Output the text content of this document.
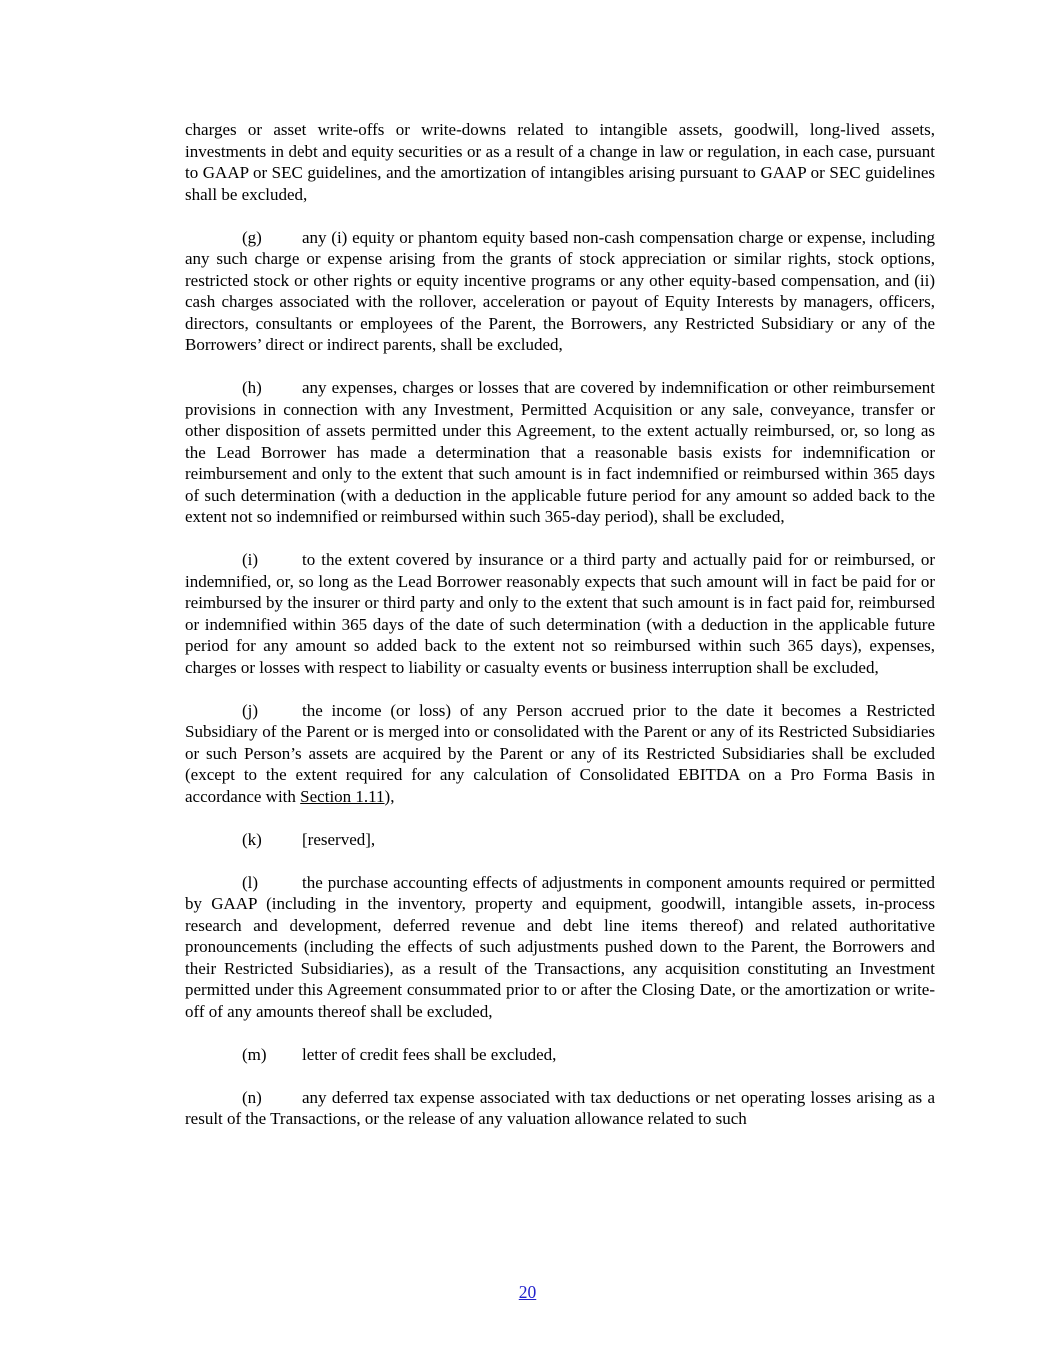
charges or asset write-offs or write-downs related to intangible assets, goodwill, long-lived assets, investments in debt and equity securities or as a result of a change in law or regulation, in each case, pursuant to GAAP or SEC guidelines, and the amortization of intangibles arising pursuant to GAAP or SEC guidelines shall be excluded,

(g) any (i) equity or phantom equity based non-cash compensation charge or expense, including any such charge or expense arising from the grants of stock appreciation or similar rights, stock options, restricted stock or other rights or equity incentive programs or any other equity-based compensation, and (ii) cash charges associated with the rollover, acceleration or payout of Equity Interests by managers, officers, directors, consultants or employees of the Parent, the Borrowers, any Restricted Subsidiary or any of the Borrowers’ direct or indirect parents, shall be excluded,

(h) any expenses, charges or losses that are covered by indemnification or other reimbursement provisions in connection with any Investment, Permitted Acquisition or any sale, conveyance, transfer or other disposition of assets permitted under this Agreement, to the extent actually reimbursed, or, so long as the Lead Borrower has made a determination that a reasonable basis exists for indemnification or reimbursement and only to the extent that such amount is in fact indemnified or reimbursed within 365 days of such determination (with a deduction in the applicable future period for any amount so added back to the extent not so indemnified or reimbursed within such 365-day period), shall be excluded,

(i)	to the extent covered by insurance or a third party and actually paid for or reimbursed, or indemnified, or, so long as the Lead Borrower reasonably expects that such amount will in fact be paid for or reimbursed by the insurer or third party and only to the extent that such amount is in fact paid for, reimbursed or indemnified within 365 days of the date of such determination (with a deduction in the applicable future period for any amount so added back to the extent not so reimbursed within such 365 days), expenses, charges or losses with respect to liability or casualty events or business interruption shall be excluded,

(j)	the income (or loss) of any Person accrued prior to the date it becomes a Restricted Subsidiary of the Parent or is merged into or consolidated with the Parent or any of its Restricted Subsidiaries or such Person’s assets are acquired by the Parent or any of its Restricted Subsidiaries shall be excluded (except to the extent required for any calculation of Consolidated EBITDA on a Pro Forma Basis in accordance with Section 1.11),

(k) [reserved],

(l)	the purchase accounting effects of adjustments in component amounts required or permitted by GAAP (including in the inventory, property and equipment, goodwill, intangible assets, in-process research and development, deferred revenue and debt line items thereof) and related authoritative pronouncements (including the effects of such adjustments pushed down to the Parent, the Borrowers and their Restricted Subsidiaries), as a result of the Transactions, any acquisition constituting an Investment permitted under this Agreement consummated prior to or after the Closing Date, or the amortization or write-off of any amounts thereof shall be excluded,

(m) letter of credit fees shall be excluded,

(n) any deferred tax expense associated with tax deductions or net operating losses arising as a result of the Transactions, or the release of any valuation allowance related to such

20
